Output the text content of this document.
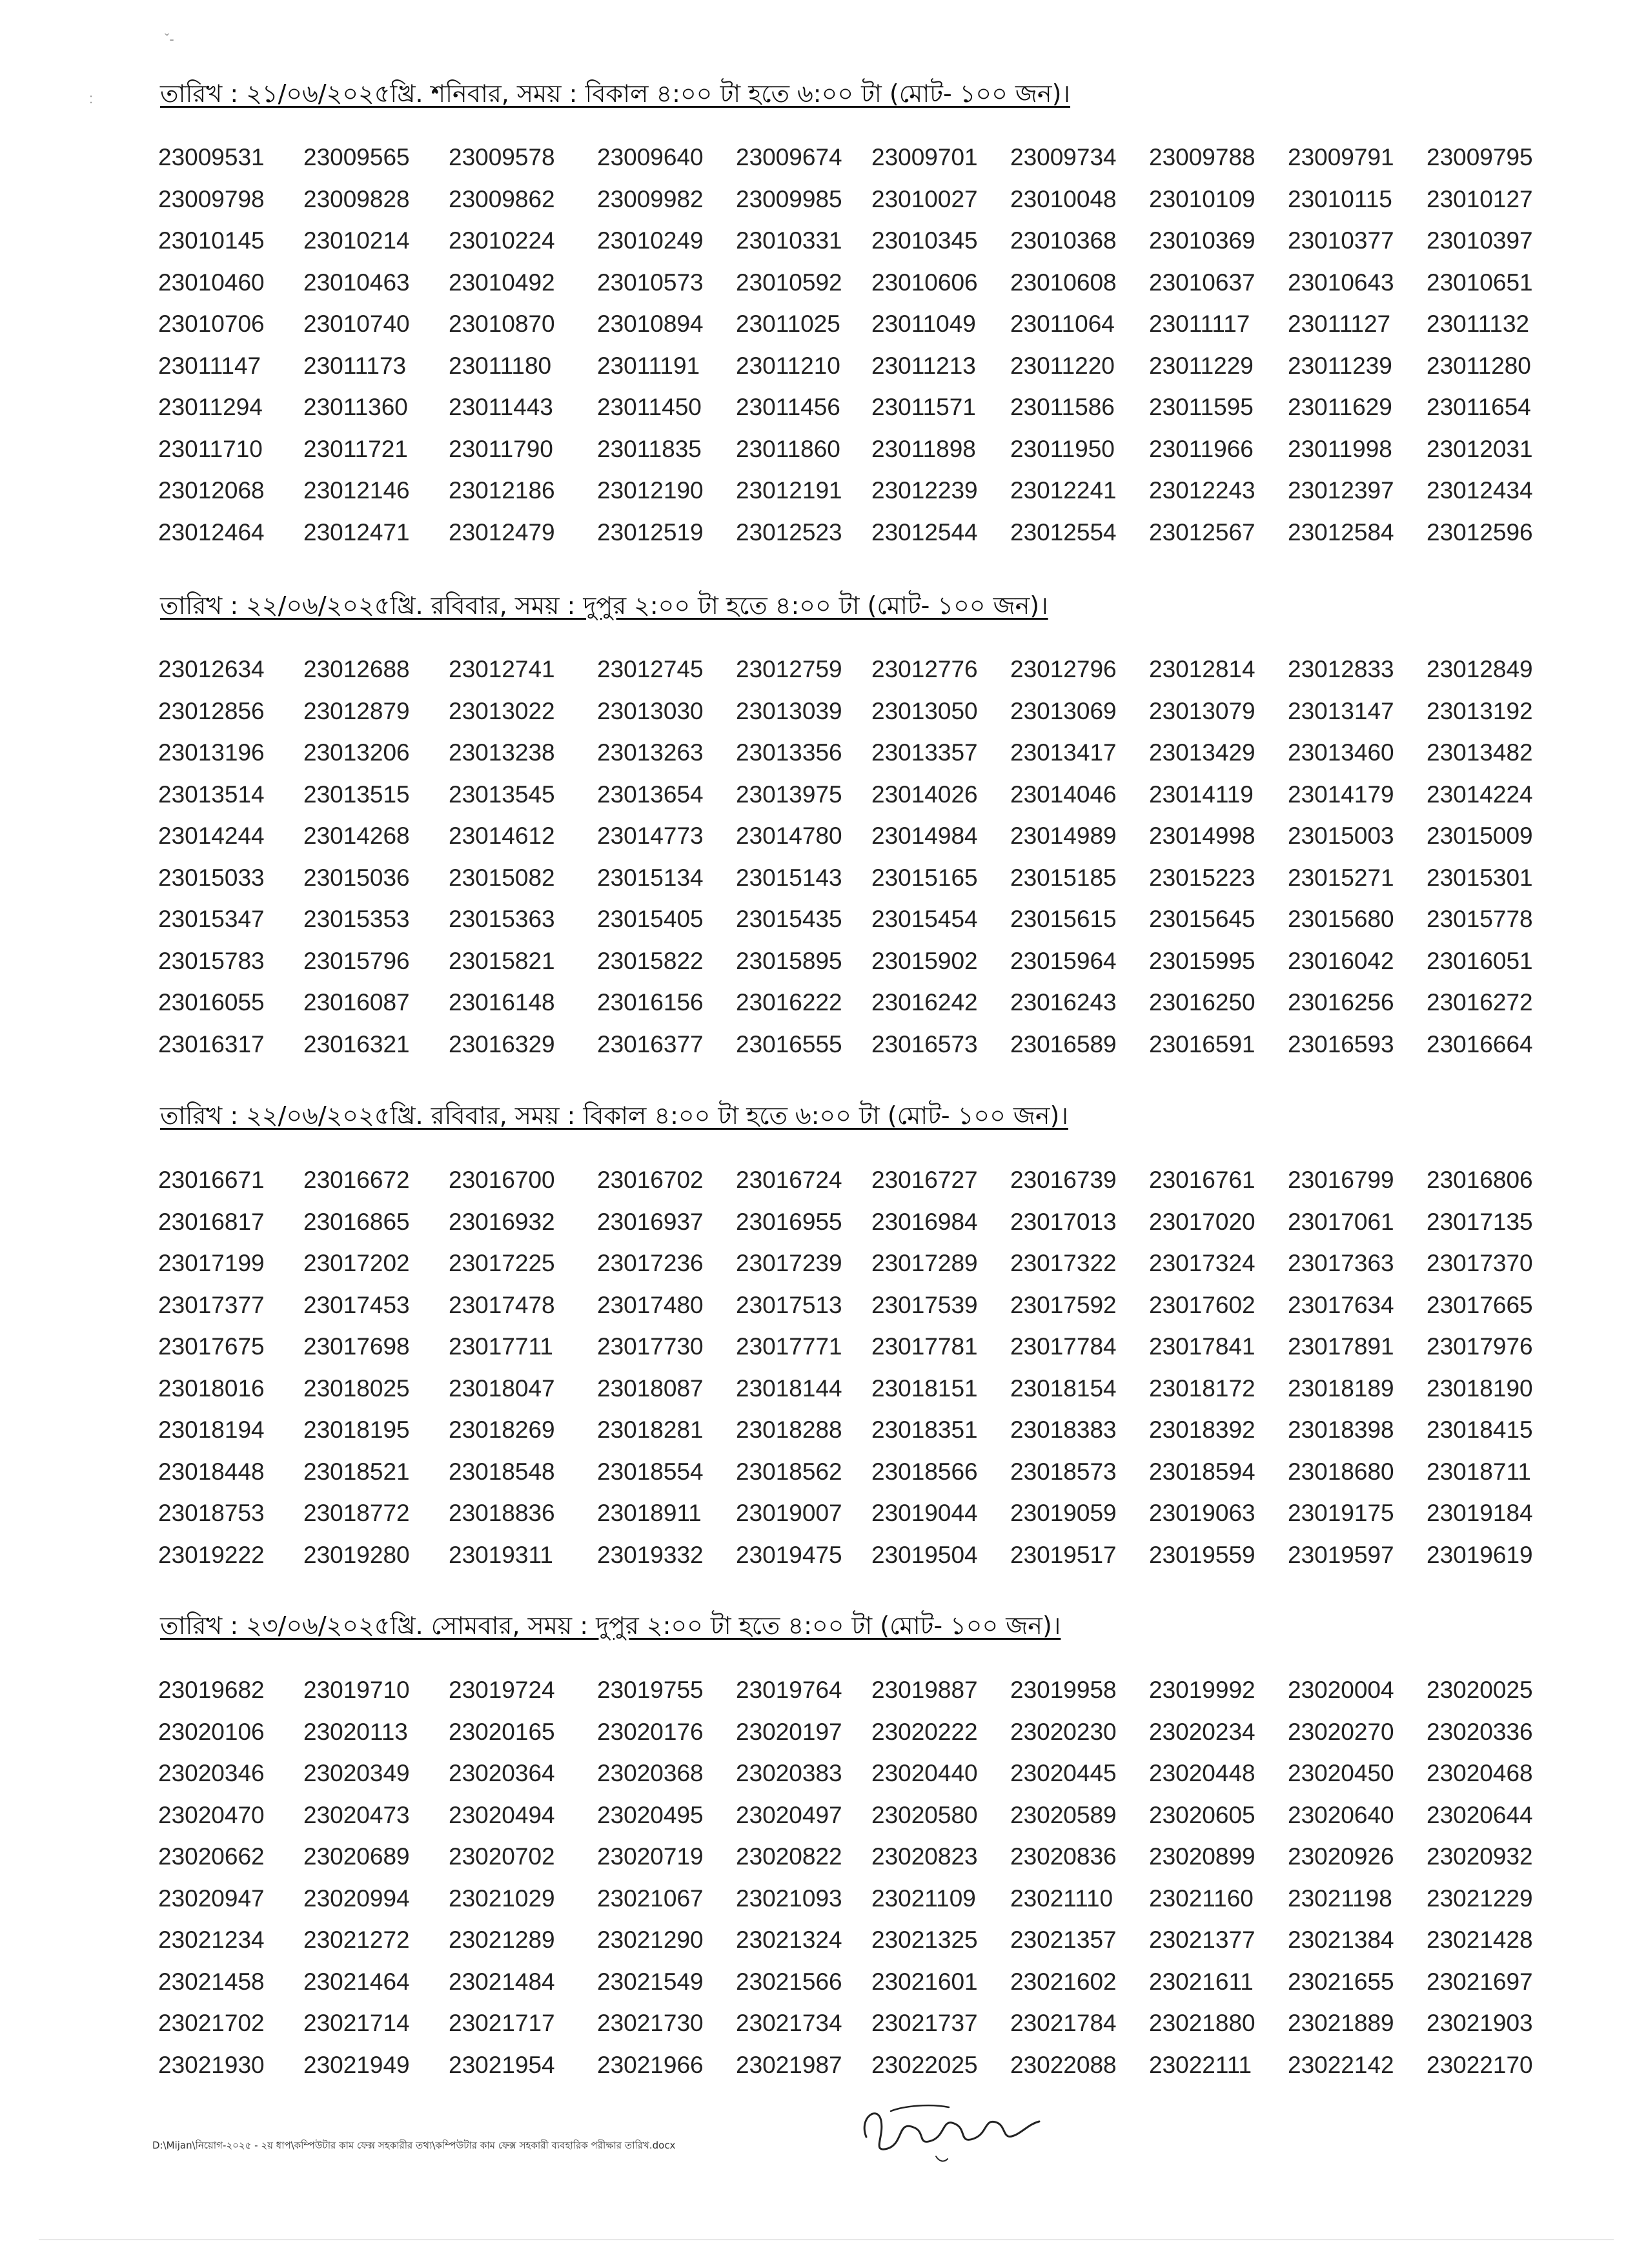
ˇ-
:	তারিখ : ২১/০৬/২০২৫খ্রি. শনিবার, সময় : বিকাল ৪:০০ টা হতে ৬:০০ টা (মোট- ১০০ জন)।
23009531 23009565 23009578 23009640 23009674 23009701 23009734 23009788 23009791 23009795
23009798 23009828 23009862 23009982 23009985 23010027 23010048 23010109 23010115 23010127
23010145 23010214 23010224 23010249 23010331 23010345 23010368 23010369 23010377 23010397
23010460 23010463 23010492 23010573 23010592 23010606 23010608 23010637 23010643 23010651
23010706 23010740 23010870 23010894 23011025 23011049 23011064 23011117 23011127 23011132
23011147 23011173 23011180 23011191 23011210 23011213 23011220 23011229 23011239 23011280
23011294 23011360 23011443 23011450 23011456 23011571 23011586 23011595 23011629 23011654
23011710 23011721 23011790 23011835 23011860 23011898 23011950 23011966 23011998 23012031
23012068 23012146 23012186 23012190 23012191 23012239 23012241 23012243 23012397 23012434
23012464 23012471 23012479 23012519 23012523 23012544 23012554 23012567 23012584 23012596
তারিখ : ২২/০৬/২০২৫খ্রি. রবিবার, সময় : দুপুর ২:০০ টা হতে ৪:০০ টা (মোট- ১০০ জন)।
23012634 23012688 23012741 23012745 23012759 23012776 23012796 23012814 23012833 23012849
23012856 23012879 23013022 23013030 23013039 23013050 23013069 23013079 23013147 23013192
23013196 23013206 23013238 23013263 23013356 23013357 23013417 23013429 23013460 23013482
23013514 23013515 23013545 23013654 23013975 23014026 23014046 23014119 23014179 23014224
23014244 23014268 23014612 23014773 23014780 23014984 23014989 23014998 23015003 23015009
23015033 23015036 23015082 23015134 23015143 23015165 23015185 23015223 23015271 23015301
23015347 23015353 23015363 23015405 23015435 23015454 23015615 23015645 23015680 23015778
23015783 23015796 23015821 23015822 23015895 23015902 23015964 23015995 23016042 23016051
23016055 23016087 23016148 23016156 23016222 23016242 23016243 23016250 23016256 23016272
23016317 23016321 23016329 23016377 23016555 23016573 23016589 23016591 23016593 23016664
তারিখ : ২২/০৬/২০২৫খ্রি. রবিবার, সময় : বিকাল ৪:০০ টা হতে ৬:০০ টা (মোট- ১০০ জন)।
23016671 23016672 23016700 23016702 23016724 23016727 23016739 23016761 23016799 23016806
23016817 23016865 23016932 23016937 23016955 23016984 23017013 23017020 23017061 23017135
23017199 23017202 23017225 23017236 23017239 23017289 23017322 23017324 23017363 23017370
23017377 23017453 23017478 23017480 23017513 23017539 23017592 23017602 23017634 23017665
23017675 23017698 23017711 23017730 23017771 23017781 23017784 23017841 23017891 23017976
23018016 23018025 23018047 23018087 23018144 23018151 23018154 23018172 23018189 23018190
23018194 23018195 23018269 23018281 23018288 23018351 23018383 23018392 23018398 23018415
23018448 23018521 23018548 23018554 23018562 23018566 23018573 23018594 23018680 23018711
23018753 23018772 23018836 23018911 23019007 23019044 23019059 23019063 23019175 23019184
23019222 23019280 23019311 23019332 23019475 23019504 23019517 23019559 23019597 23019619
তারিখ : ২৩/০৬/২০২৫খ্রি. সোমবার, সময় : দুপুর ২:০০ টা হতে ৪:০০ টা (মোট- ১০০ জন)।
23019682 23019710 23019724 23019755 23019764 23019887 23019958 23019992 23020004 23020025
23020106 23020113 23020165 23020176 23020197 23020222 23020230 23020234 23020270 23020336
23020346 23020349 23020364 23020368 23020383 23020440 23020445 23020448 23020450 23020468
23020470 23020473 23020494 23020495 23020497 23020580 23020589 23020605 23020640 23020644
23020662 23020689 23020702 23020719 23020822 23020823 23020836 23020899 23020926 23020932
23020947 23020994 23021029 23021067 23021093 23021109 23021110 23021160 23021198 23021229
23021234 23021272 23021289 23021290 23021324 23021325 23021357 23021377 23021384 23021428
23021458 23021464 23021484 23021549 23021566 23021601 23021602 23021611 23021655 23021697
23021702 23021714 23021717 23021730 23021734 23021737 23021784 23021880 23021889 23021903
23021930 23021949 23021954 23021966 23021987 23022025 23022088 23022111 23022142 23022170
D:\Mijan\নিয়োগ-২০২৫ - ২য় ধাপ\কম্পিউটার কাম ফেক্স সহকারীর তথ্য\কম্পিউটার কাম ফেক্স সহকারী ব্যবহারিক পরীক্ষার তারিখ.docx
